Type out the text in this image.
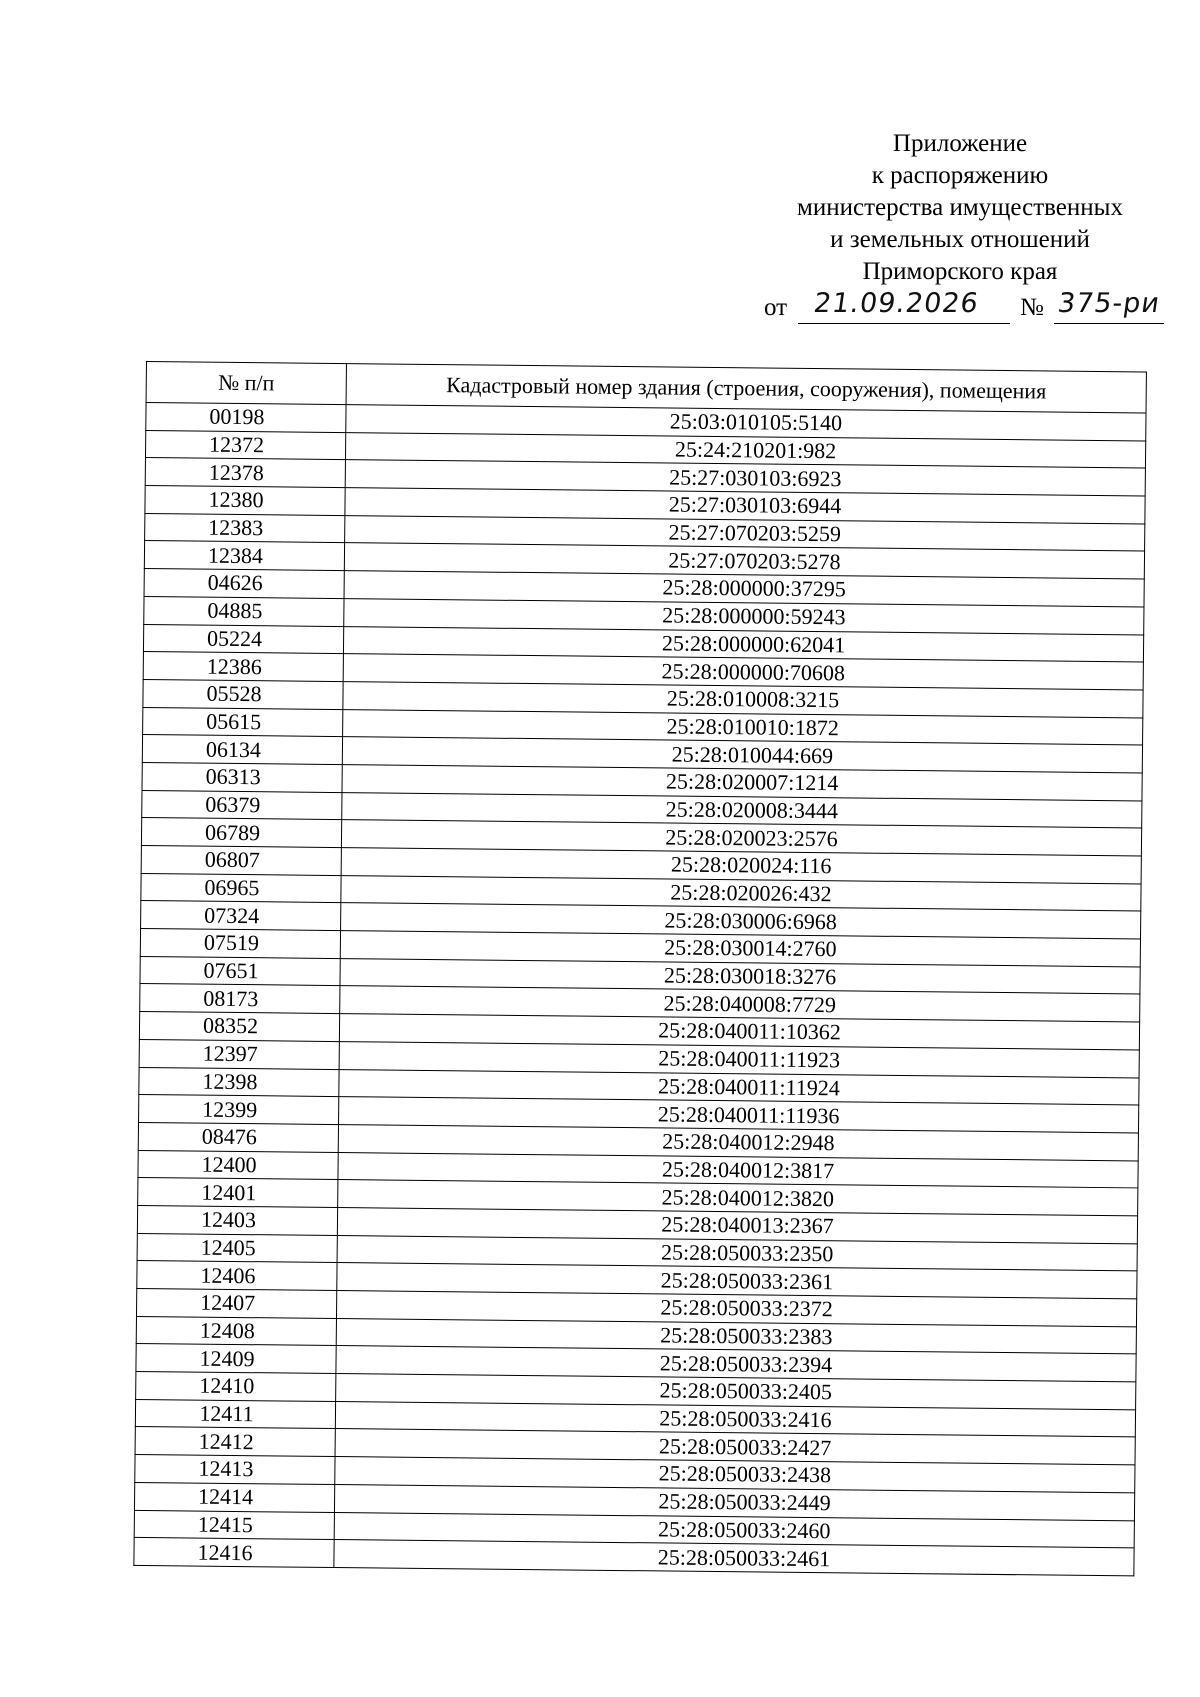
Приложение
к распоряжению
министерства имущественных
и земельных отношений
Приморского края
от 21.09.2026 № 375-ри
№ п/п	Кадастровый номер здания (строения, сооружения), помещения
00198	25:03:010105:5140
12372	25:24:210201:982
12378	25:27:030103:6923
12380	25:27:030103:6944
12383	25:27:070203:5259
12384	25:27:070203:5278
04626	25:28:000000:37295
04885	25:28:000000:59243
05224	25:28:000000:62041
12386	25:28:000000:70608
05528	25:28:010008:3215
05615	25:28:010010:1872
06134	25:28:010044:669
06313	25:28:020007:1214
06379	25:28:020008:3444
06789	25:28:020023:2576
06807	25:28:020024:116
06965	25:28:020026:432
07324	25:28:030006:6968
07519	25:28:030014:2760
07651	25:28:030018:3276
08173	25:28:040008:7729
08352	25:28:040011:10362
12397	25:28:040011:11923
12398	25:28:040011:11924
12399	25:28:040011:11936
08476	25:28:040012:2948
12400	25:28:040012:3817
12401	25:28:040012:3820
12403	25:28:040013:2367
12405	25:28:050033:2350
12406	25:28:050033:2361
12407	25:28:050033:2372
12408	25:28:050033:2383
12409	25:28:050033:2394
12410	25:28:050033:2405
12411	25:28:050033:2416
12412	25:28:050033:2427
12413	25:28:050033:2438
12414	25:28:050033:2449
12415	25:28:050033:2460
12416	25:28:050033:2461
